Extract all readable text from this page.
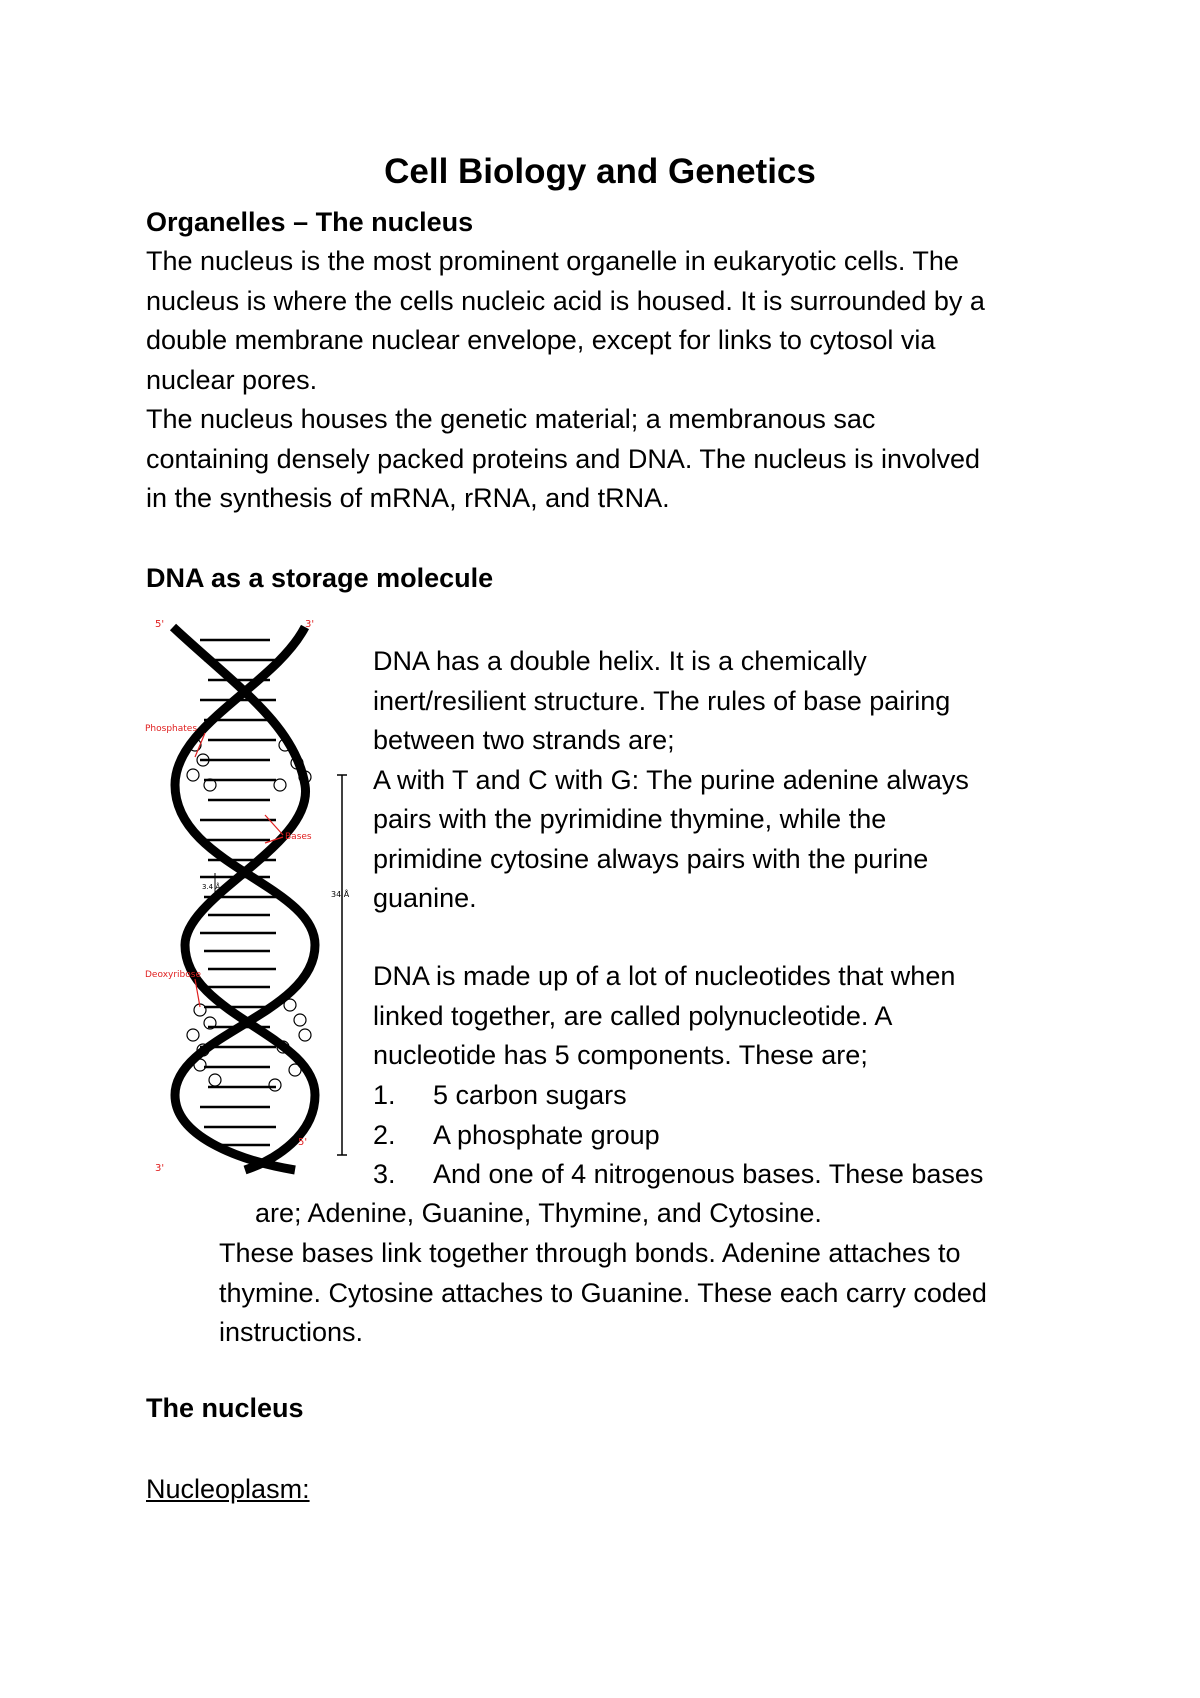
Cell Biology and Genetics
Organelles – The nucleus

The nucleus is the most prominent organelle in eukaryotic cells. The

nucleus is where the cells nucleic acid is housed. It is surrounded by a

double membrane nuclear envelope, except for links to cytosol via

nuclear pores.

The nucleus houses the genetic material; a membranous sac

containing densely packed proteins and DNA. The nucleus is involved

in the synthesis of mRNA, rRNA, and tRNA.

DNA as a storage molecule
34 Å
3.4 Å
5'	3'
Phosphates
Bases
Deoxyribose
3'
5'

DNA has a double helix. It is a chemically

inert/resilient structure. The rules of base pairing

between two strands are;

A with T and C with G: The purine adenine always

pairs with the pyrimidine thymine, while the

primidine cytosine always pairs with the purine

guanine.

DNA is made up of a lot of nucleotides that when

linked together, are called polynucleotide. A

nucleotide has 5 components. These are;

1. 5 carbon sugars
2. A phosphate group
3. And one of 4 nitrogenous bases. These bases
are; Adenine, Guanine, Thymine, and Cytosine.

These bases link together through bonds. Adenine attaches to

thymine. Cytosine attaches to Guanine. These each carry coded

instructions.

The nucleus
Nucleoplasm:
